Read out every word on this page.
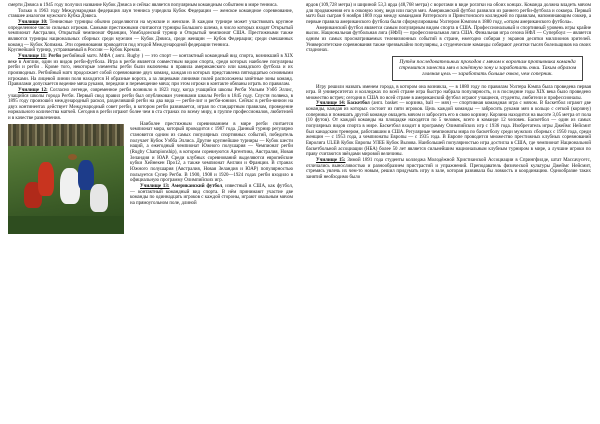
смерти Дэвиса в 1945 году получил название Кубок Дэвиса и сейчас является популярным командным событием в мире тенниса.

Только в 1963 году Международная федерация лаун тенниса учредила Кубок Федерации — женское командное соревнование, ставшее аналогом мужского Кубка Дэвиса.

Училище 10: Теннисные турниры обычно разделяются на мужские и женские. В каждом турнире может участвовать крупное определенное число сильных игроков. Самыми престижными считаются турниры Большого шлема, в число которых входят Открытый чемпионат Австралии, Открытый чемпионат Франции, Уимблдонский турнир и Открытый чемпионат США. Престижными также являются турниры национальных сборных среди мужчин — Кубок Дэвиса, среди женщин — Кубок Федерации; среди смешанных команд — Кубок Хопмана. Эти соревнования проводятся под эгидой Международной федерации тенниса.

Крупнейший турнир, устраиваемый в России — Кубок Кремля.

Училище 11: Регби регбийный матч. МФА ( англ. Rugby ) — это спорт — контактный командный вид спорта, возникший в XIX веке в Англии, один из видов регби-футбола. Игра в регби является совместным видом спорта, среди которых наиболее популярны регби и регби . Кроме того, некоторые элементы регби были включены в правила американского или канадского футбола и их производных. Регбийный матч продолжает собой соревнование двух команд, каждая из которых представлена пятнадцатью основными игроками. На лицевой линии поля находится Н образные ворота, а за лицевыми линиями полей расположены зачётные зоны команд. Правилами допускается ведение мяча руками, передачи и перемещение мяча; при этом игроки в контакте обязаны играть по правилам.

Училище 12: Согласно легенде, современное регби возникло в 1823 году, когда учащийся школы Регби Уильям Уэбб Эллис, учащийся школы города Регби. Первый свод правил регби был опубликован учениками школы Регби в 1845 году. Спустя полвека, в 1895 году произошёл международный раскол, разделивший регби на два вида — регби-лиг и регби-юнион. Сейчас в регби-юнион на двух континентах действует Международный совет регби, в котором регби развивается, играя по стандартным правилам, проведение нормального количества матчей. Сегодня в регби играют более чем в ста странах по всему миру, в группе профессионалов, любителей и в качестве развлечения.

Наиболее престижным соревнованием в мире регби считается чемпионат мира, который проводится с 1987 года. Данный турнир регулярно становится одним из самых популярных спортивных событий, победитель получает Кубок Уэбба Эллиса. Другие крупнейшие турниры — Кубок шести наций, а ежегодный чемпионат Южного полушария — Чемпионат регби (Rugby Championship), в котором соревнуются Аргентина, Австралия, Новая Зеландия и ЮАР. Среди клубных соревнований выделяются европейские кубки Хейнекен Про12, а также чемпионат Англии и Франции. В странах Южного полушария (Австралия, Новая Зеландия и ЮАР) популярностью пользуется Супер Регби. В 1900, 1908 и 1920—1924 годах регби входило в официальную программу Олимпийских игр.

Училище 13: Американский футбол, известный в США, как футбол, — контактный командный вид спорта. В нём принимают участие две команды по одиннадцать игроков с каждой стороны, играют овальным мячом на прямоугольном поле, длиной

ярдов (109,728 метра) и шириной 53,3 ярда (48,768 метра) с воротами в виде рогатки на обоих концах. Команда должна владеть мячом для продвижения его в очковую зону, ведя или пасуя мяч. Американский футбол развился из раннего регби-футбола и соккера. Первый матч был сыгран 6 ноября 1869 года между командами Ратгерского и Принстонского колледжей по правилам, напоминающим соккер, а первые правила американского футбола были сформулированы Уолтером Кэмпом в 1880 году, «отцом американского футбола».

Американский футбол является самым популярным видом спорта в США. Профессиональный и спортивный уровень игры крайне высок. Национальная футбольная лига (НФЛ) — профессиональная лига США. Финальная игра сезона НФЛ — Супербоул — является одним из самых просматриваемых телевизионных событий в стране, ежегодно собирая у экранов десятки миллионов зрителей. Университетские соревнования также чрезвычайно популярны, а студенческие команды собирают десятки тысяч болельщиков на своих стадионах.

Путём последовательных проходов с мячом к воротам противника команда стремится занести мяч в зачётную зону и заработать очки. Таким образом главная цель — заработать больше очков, чем соперник.

Игру решили назвать именем города, в котором она возникла, — в 1880 году по правилам Уолтера Кэмпа была проведена первая игра. В университетах и колледжах по всей стране игра быстро набрала популярность, и в последние годы XIX века было проведено множество встреч; сегодня в США по всей стране в американский футбол играют учащиеся, студенты, любители и профессионалы.

Училище 14: Баскетбол (англ. basket — корзина, ball — мяч) — спортивная командная игра с мячом. В баскетбол играют две команды, каждая из которых состоит из пяти игроков. Цель каждой команды — забросить руками мяч в кольцо с сеткой (корзину) соперника и помешать другой команде овладеть мячом и забросить его в свою корзину. Корзина находится на высоте 3,05 метра от пола (10 футов). От каждой команды на площадке находятся по 5 человек, всего в команде 12 человек. Баскетбол — один из самых популярных видов спорта в мире. Баскетбол входит в программу Олимпийских игр с 1936 года. Изобретатель игры Джеймс Нейсмит был канадским тренером, работавшим в США. Регулярные чемпионаты мира по баскетболу среди мужских сборных с 1950 года, среди женщин — с 1953 года, а чемпионаты Европы — с 1935 года. В Европе проводится множество престижных клубных соревнований Евролига ULEB Кубок Европы УЛЕБ Кубок Вызова. Наибольшей популярностью игра достигла в США, где чемпионат Национальной баскетбольной ассоциации (НБА) более 50 лет является сильнейшим национальным клубным турниром в мире, а лучшие игроки по праву считаются звёздами мировой величины.

Училище 15: Зимой 1891 года студенты колледжа Молодёжной Христианской Ассоциации в Спрингфилде, штат Массачусетс, отличались выносливостью и разнообразием пристрастий и упражнений. Преподаватель физической культуры Джеймс Нейсмит, стремясь увлечь их чем-то новым, решил придумать игру в зале, которая развивала бы ловкость и координацию. Однообразие таких занятий необходимо было
